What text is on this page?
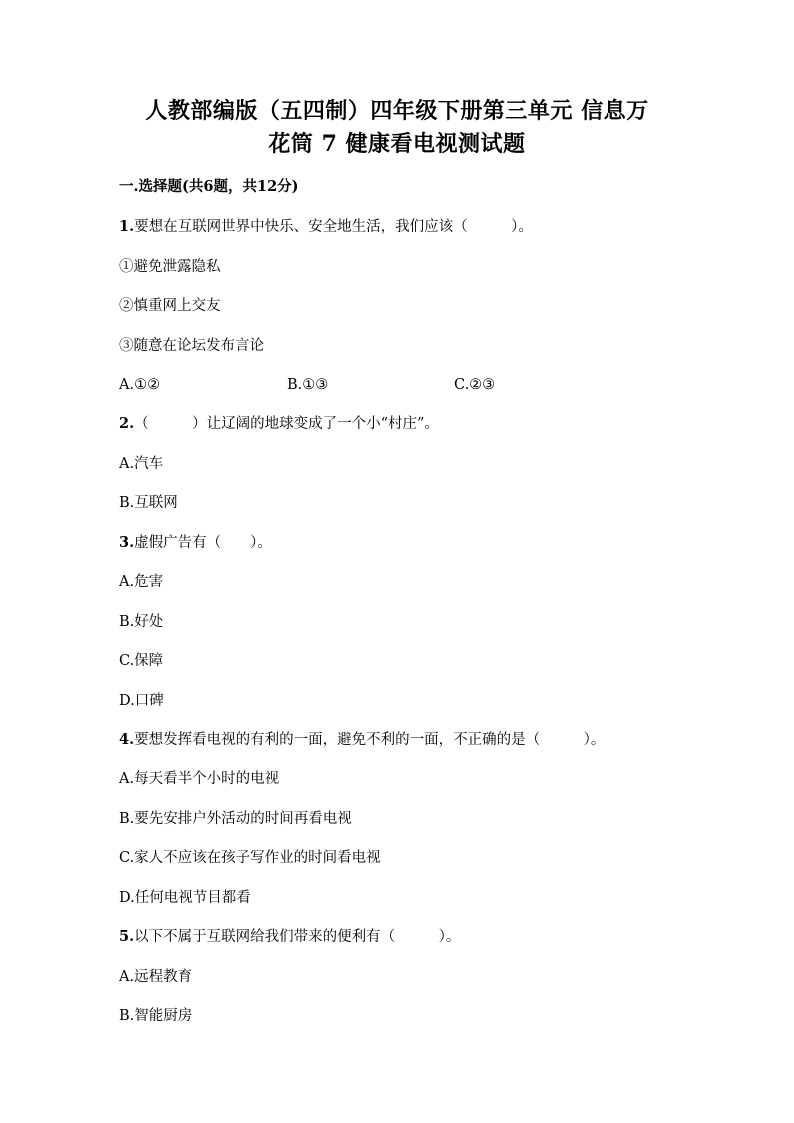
人教部编版（五四制）四年级下册第三单元 信息万
花筒 7 健康看电视测试题
一.选择题(共6题，共12分)
1.要想在互联网世界中快乐、安全地生活，我们应该（　　　）。
①避免泄露隐私
②慎重网上交友
③随意在论坛发布言论
A.①②	B.①③	C.②③
2.（　　　）让辽阔的地球变成了一个小“村庄”。
A.汽车
B.互联网
3.虚假广告有（　　）。
A.危害
B.好处
C.保障
D.口碑
4.要想发挥看电视的有利的一面，避免不利的一面，不正确的是（　　　）。
A.每天看半个小时的电视
B.要先安排户外活动的时间再看电视
C.家人不应该在孩子写作业的时间看电视
D.任何电视节目都看
5.以下不属于互联网给我们带来的便利有（　　　）。
A.远程教育
B.智能厨房
